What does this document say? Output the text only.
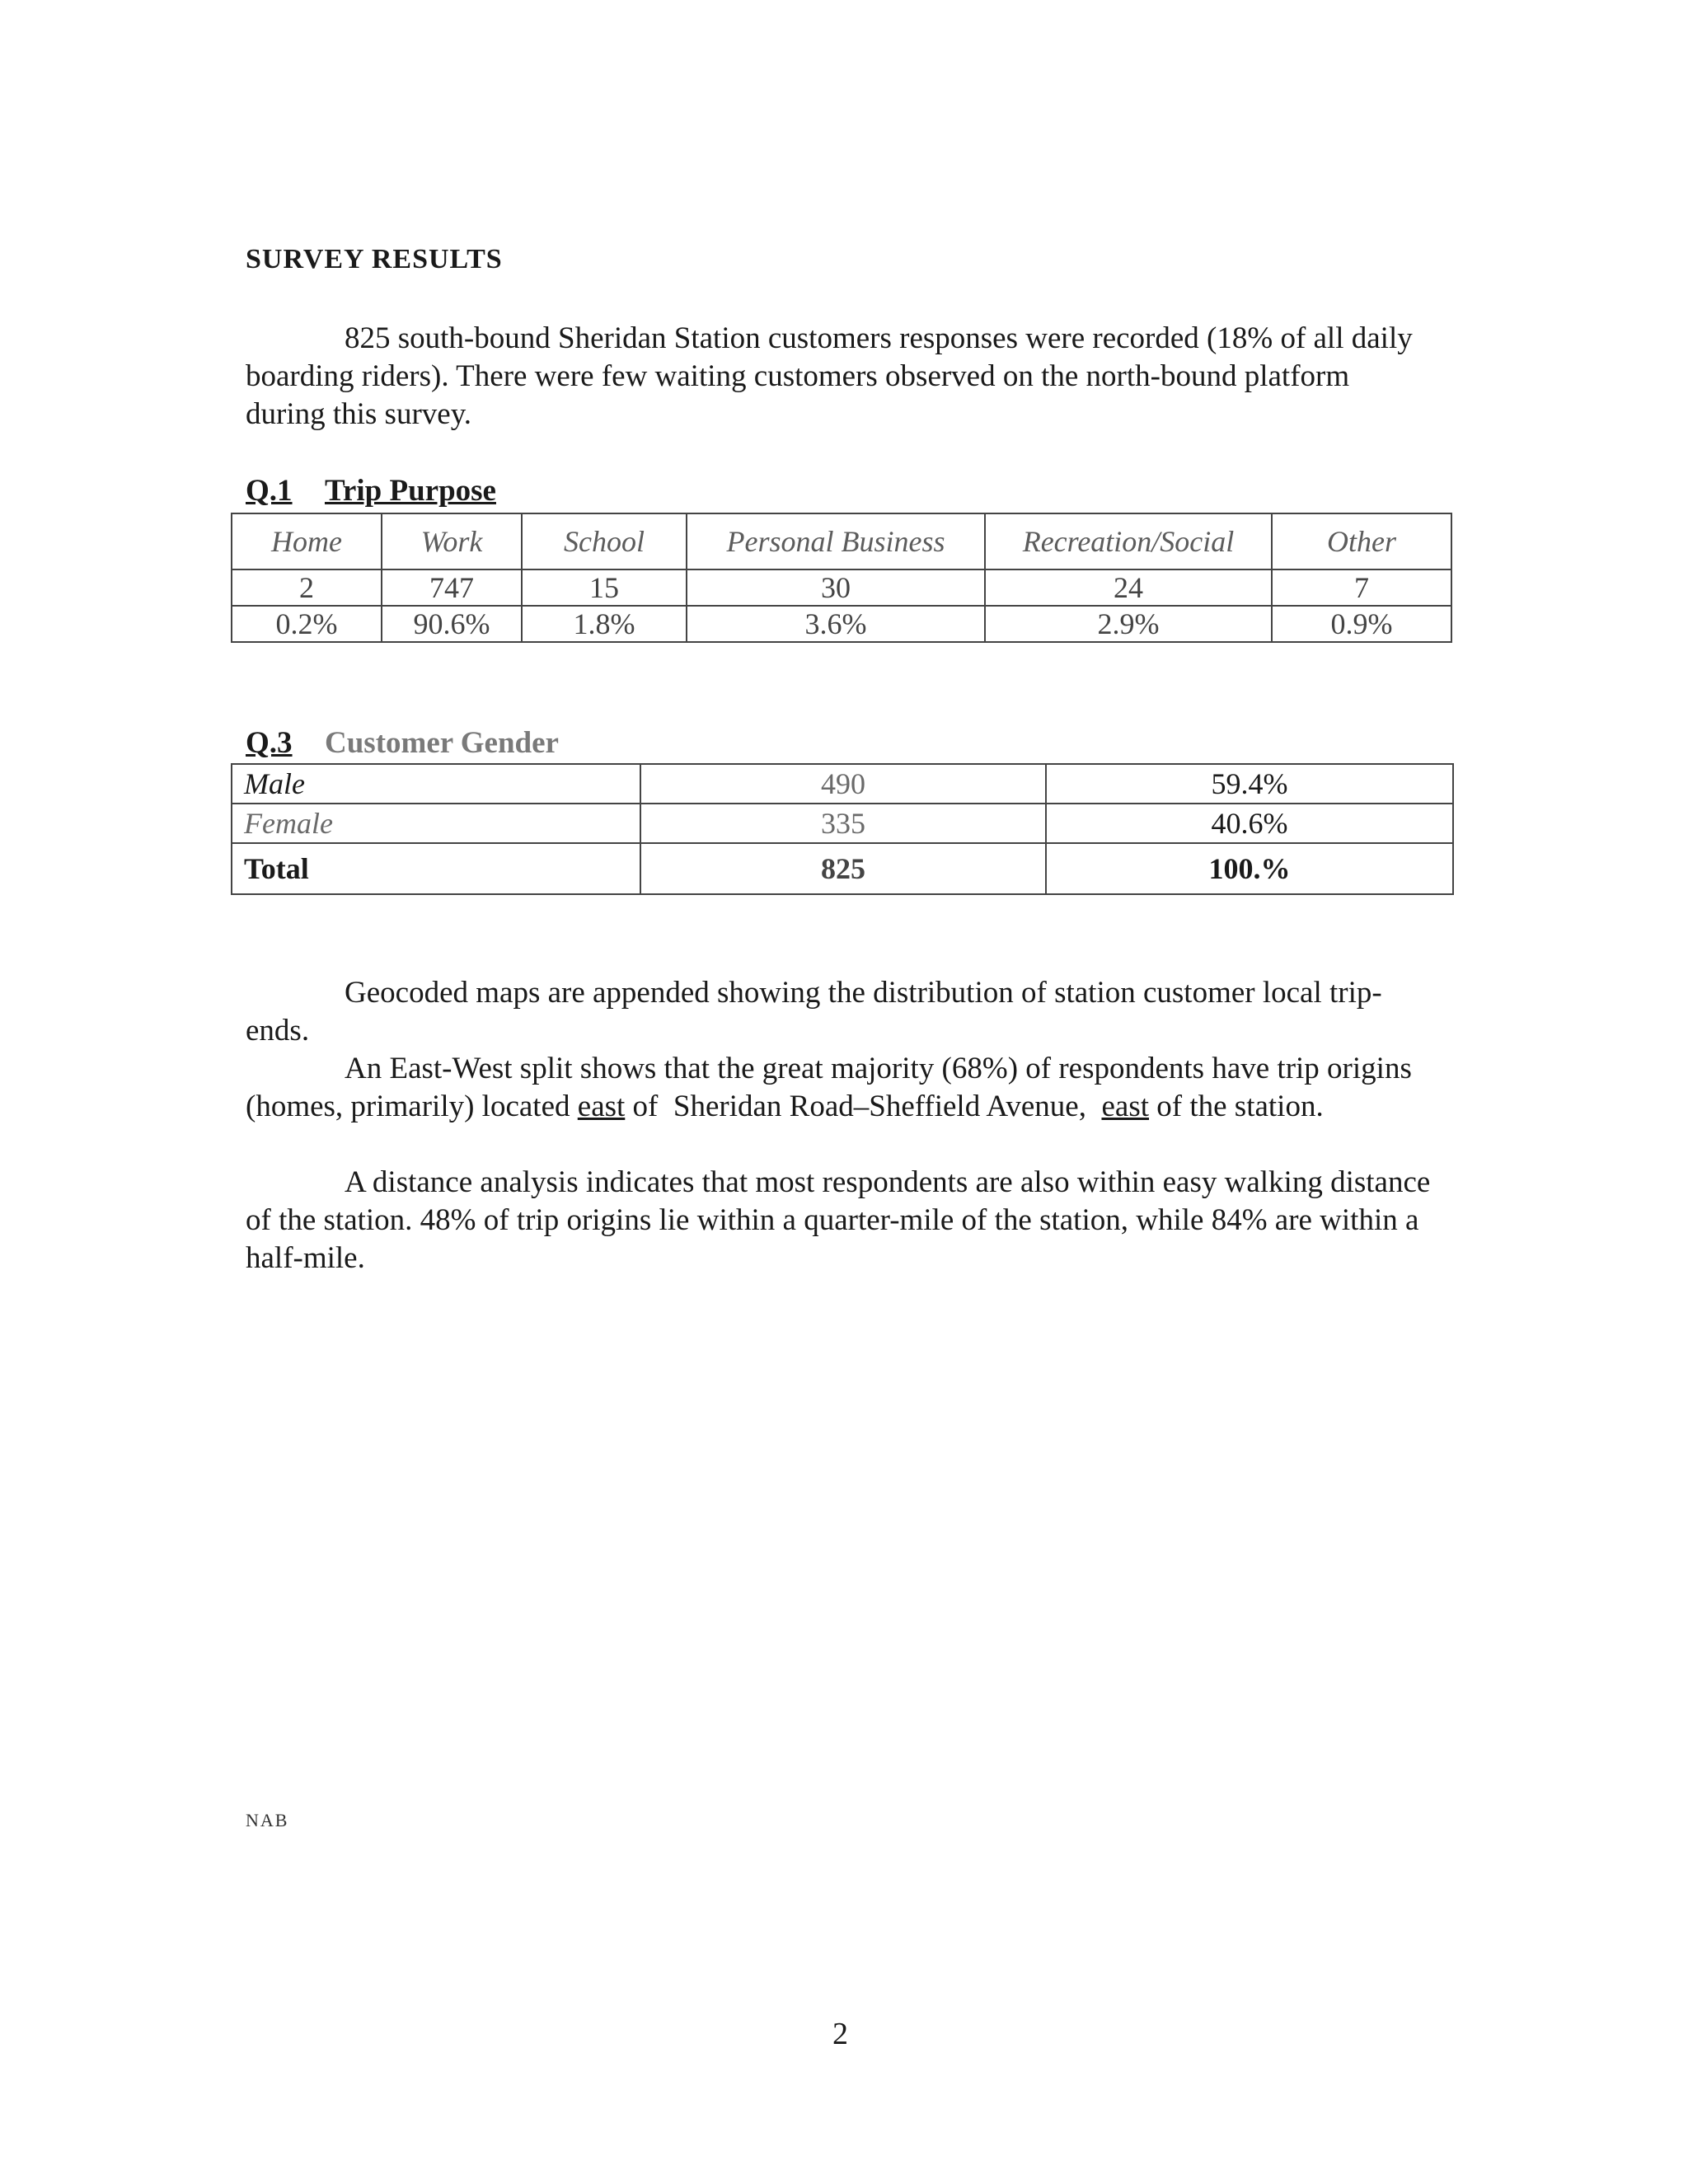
SURVEY RESULTS
825 south-bound Sheridan Station customers responses were recorded (18% of all daily boarding riders). There were few waiting customers observed on the north-bound platform during this survey.
Q.1 Trip Purpose
Home	Work	School	Personal Business	Recreation/Social	Other
2	747	15	30	24	7
0.2%	90.6%	1.8%	3.6%	2.9%	0.9%
Q.3 Customer Gender
Male	490	59.4%
Female	335	40.6%
Total	825	100.%
Geocoded maps are appended showing the distribution of station customer local trip-ends.
An East-West split shows that the great majority (68%) of respondents have trip origins (homes, primarily) located east of  Sheridan Road–Sheffield Avenue,  east of the station.
A distance analysis indicates that most respondents are also within easy walking distance of the station. 48% of trip origins lie within a quarter-mile of the station, while 84% are within a half-mile.
NAB
2
